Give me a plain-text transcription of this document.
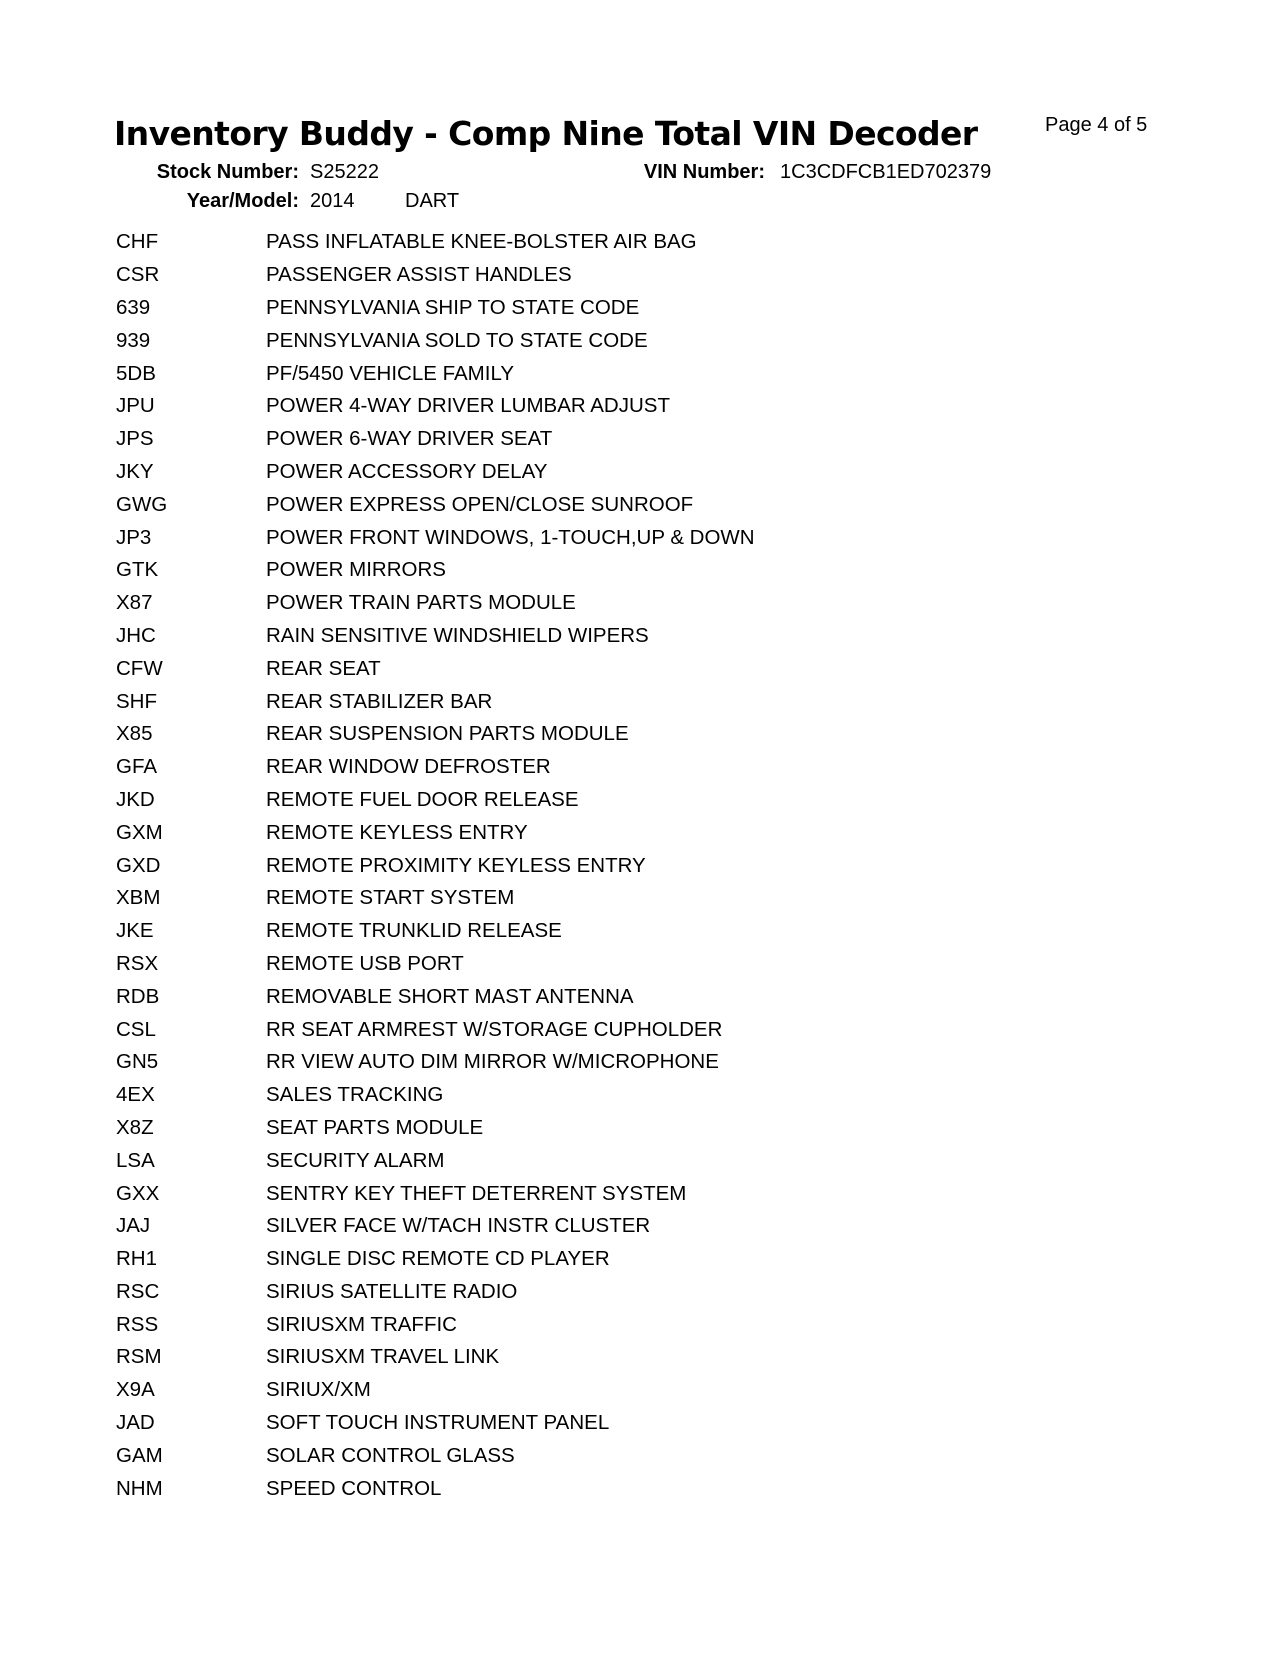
Inventory Buddy - Comp Nine Total VIN Decoder	Page 4 of 5
Stock Number: S25222
Year/Model: 2014	DART
VIN Number: 1C3CDFCB1ED702379
CHF	PASS INFLATABLE KNEE-BOLSTER AIR BAG
CSR	PASSENGER ASSIST HANDLES
639	PENNSYLVANIA SHIP TO STATE CODE
939	PENNSYLVANIA SOLD TO STATE CODE
5DB	PF/5450 VEHICLE FAMILY
JPU	POWER 4-WAY DRIVER LUMBAR ADJUST
JPS	POWER 6-WAY DRIVER SEAT
JKY	POWER ACCESSORY DELAY
GWG	POWER EXPRESS OPEN/CLOSE SUNROOF
JP3	POWER FRONT WINDOWS, 1-TOUCH,UP & DOWN
GTK	POWER MIRRORS
X87	POWER TRAIN PARTS MODULE
JHC	RAIN SENSITIVE WINDSHIELD WIPERS
CFW	REAR SEAT
SHF	REAR STABILIZER BAR
X85	REAR SUSPENSION PARTS MODULE
GFA	REAR WINDOW DEFROSTER
JKD	REMOTE FUEL DOOR RELEASE
GXM	REMOTE KEYLESS ENTRY
GXD	REMOTE PROXIMITY KEYLESS ENTRY
XBM	REMOTE START SYSTEM
JKE	REMOTE TRUNKLID RELEASE
RSX	REMOTE USB PORT
RDB	REMOVABLE SHORT MAST ANTENNA
CSL	RR SEAT ARMREST W/STORAGE CUPHOLDER
GN5	RR VIEW AUTO DIM MIRROR W/MICROPHONE
4EX	SALES TRACKING
X8Z	SEAT PARTS MODULE
LSA	SECURITY ALARM
GXX	SENTRY KEY THEFT DETERRENT SYSTEM
JAJ	SILVER FACE W/TACH INSTR CLUSTER
RH1	SINGLE DISC REMOTE CD PLAYER
RSC	SIRIUS SATELLITE RADIO
RSS	SIRIUSXM TRAFFIC
RSM	SIRIUSXM TRAVEL LINK
X9A	SIRIUX/XM
JAD	SOFT TOUCH INSTRUMENT PANEL
GAM	SOLAR CONTROL GLASS
NHM	SPEED CONTROL
